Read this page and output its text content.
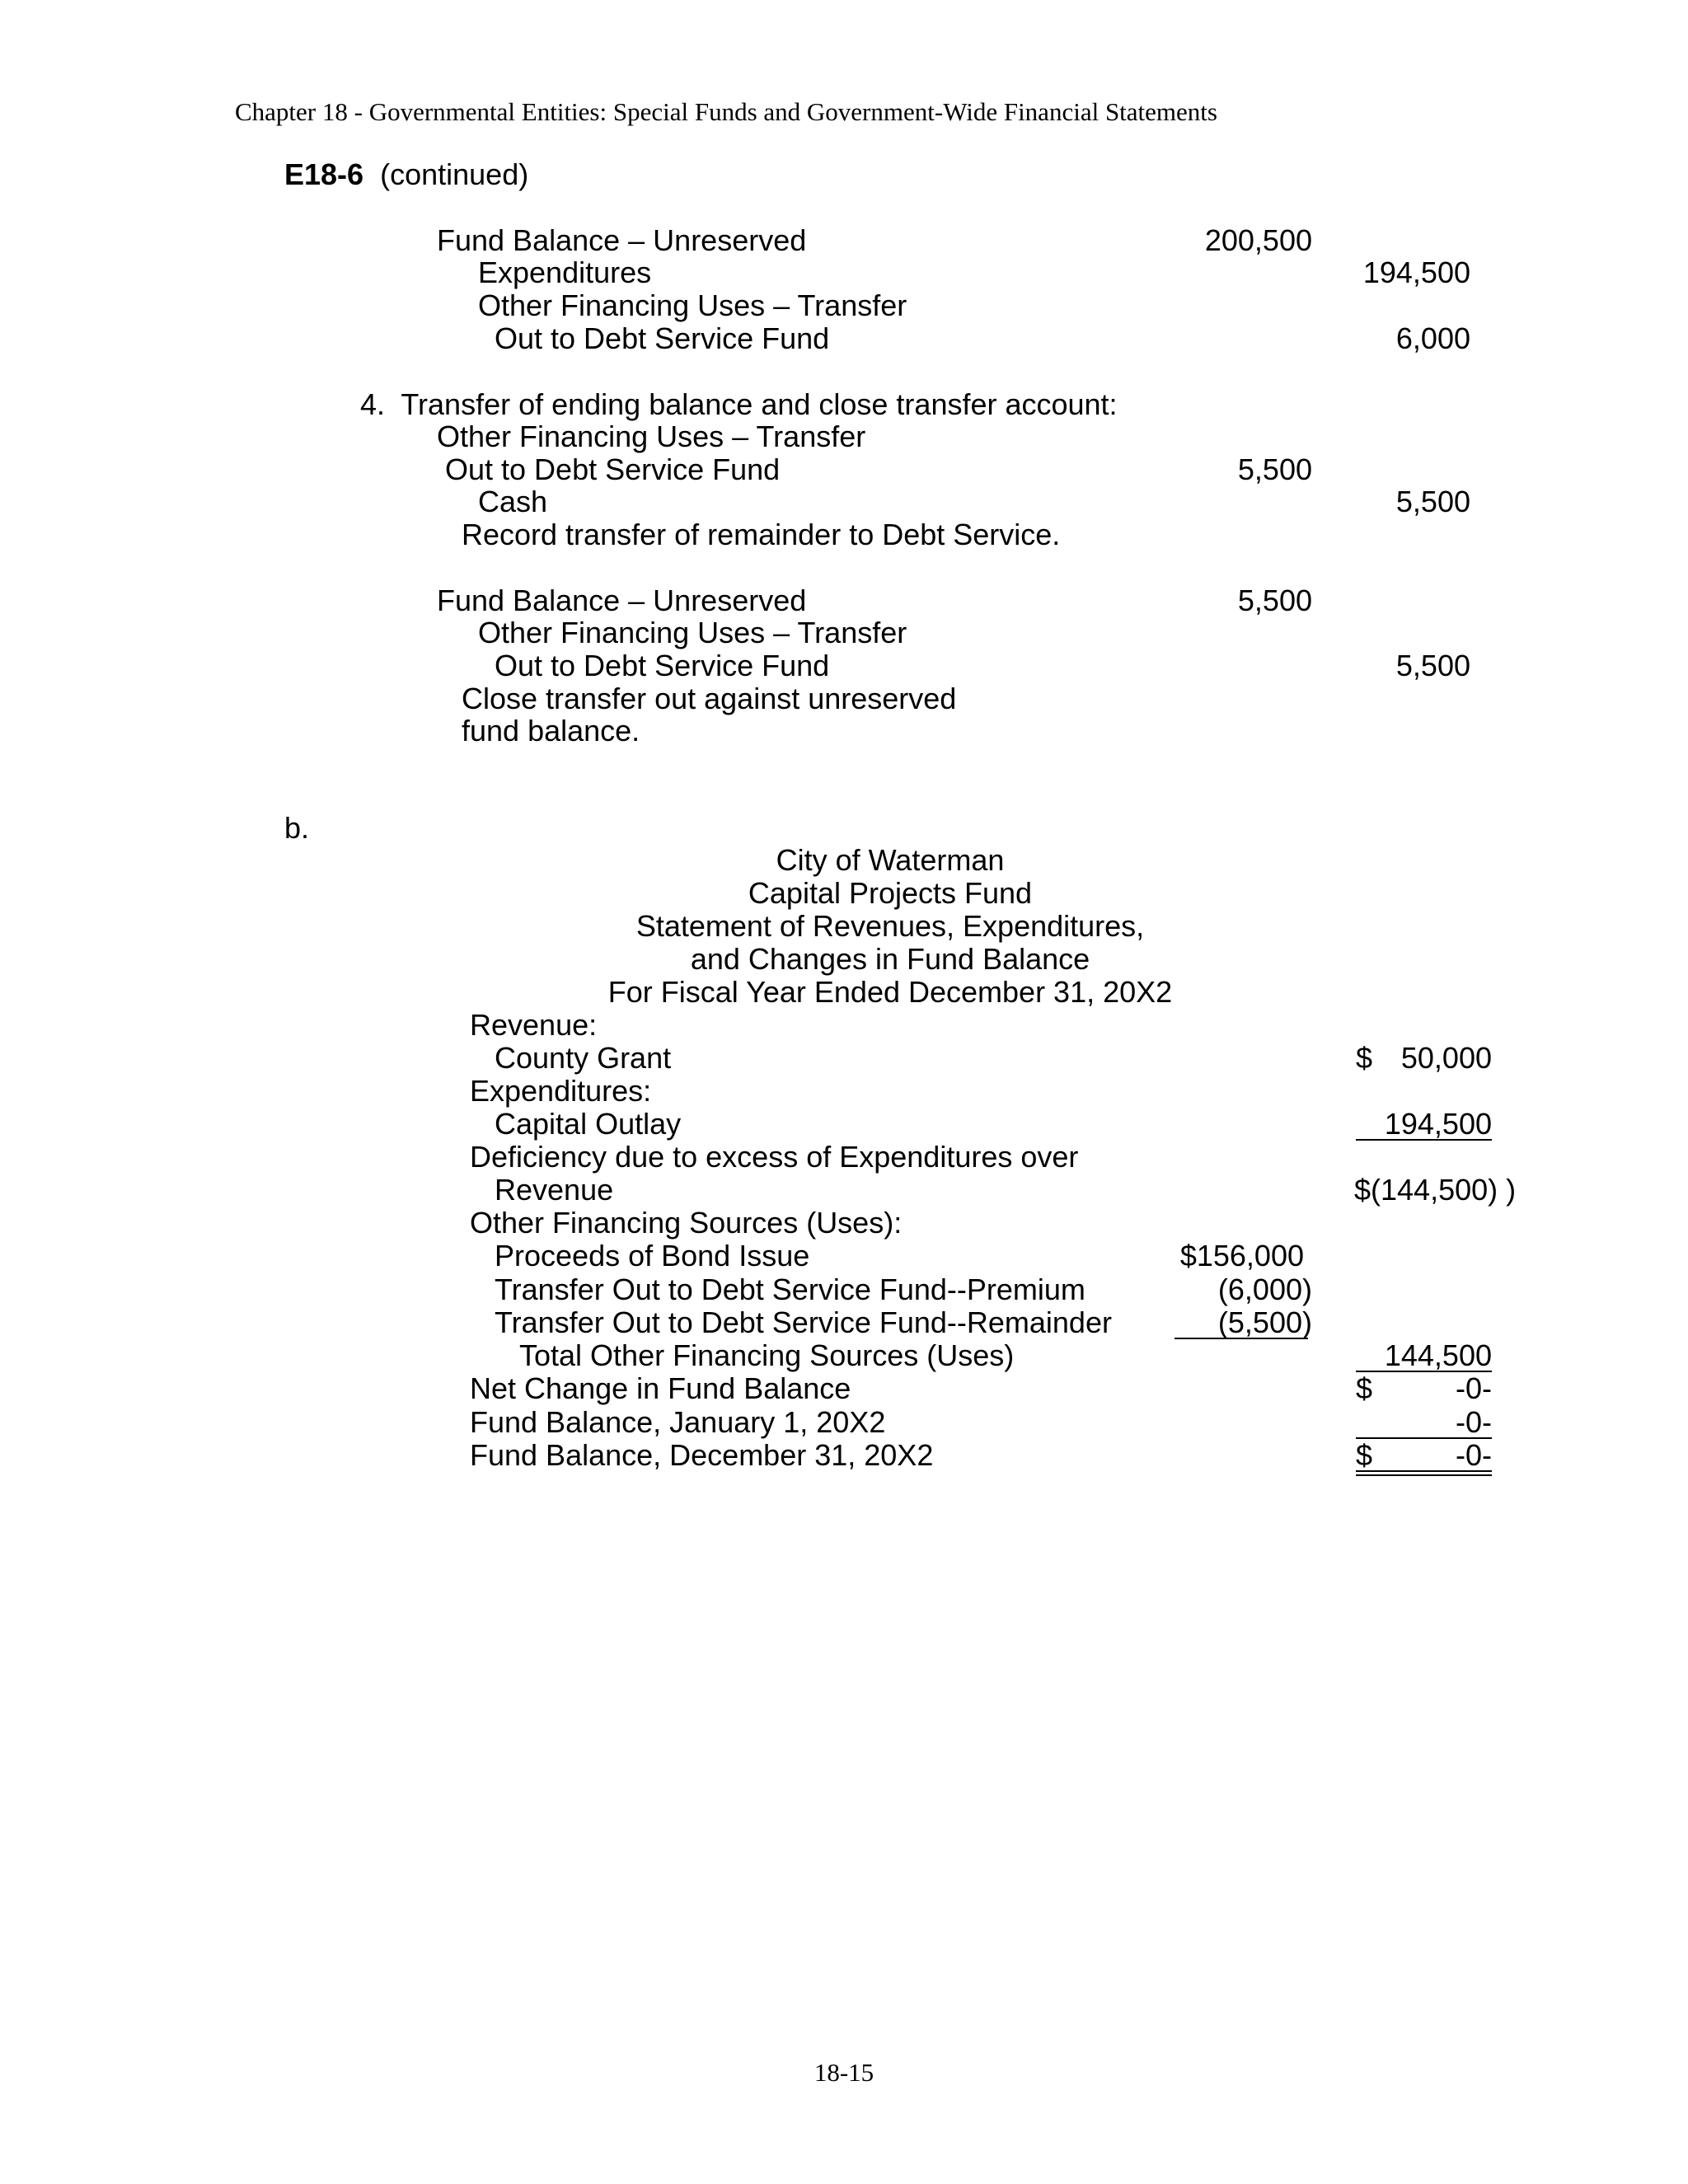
Chapter 18 - Governmental Entities: Special Funds and Government-Wide Financial Statements
E18-6 (continued)
Fund Balance – Unreserved	200,500
Expenditures	194,500
Other Financing Uses – Transfer
Out to Debt Service Fund	6,000
4.  Transfer of ending balance and close transfer account:
Other Financing Uses – Transfer
Out to Debt Service Fund	5,500
Cash	5,500
Record transfer of remainder to Debt Service.
Fund Balance – Unreserved	5,500
Other Financing Uses – Transfer
Out to Debt Service Fund	5,500
Close transfer out against unreserved
fund balance.
b.
City of Waterman
Capital Projects Fund
Statement of Revenues, Expenditures,
and Changes in Fund Balance
For Fiscal Year Ended December 31, 20X2
Revenue:
County Grant	$ 50,000
Expenditures:
Capital Outlay	194,500
Deficiency due to excess of Expenditures over
Revenue	$(144,500) )
Other Financing Sources (Uses):
Proceeds of Bond Issue	$156,000
Transfer Out to Debt Service Fund--Premium	(6,000)
Transfer Out to Debt Service Fund--Remainder	(5,500)
Total Other Financing Sources (Uses)	144,500
Net Change in Fund Balance	$	-0-
Fund Balance, January 1, 20X2	-0-
Fund Balance, December 31, 20X2	$	-0-
18-15
